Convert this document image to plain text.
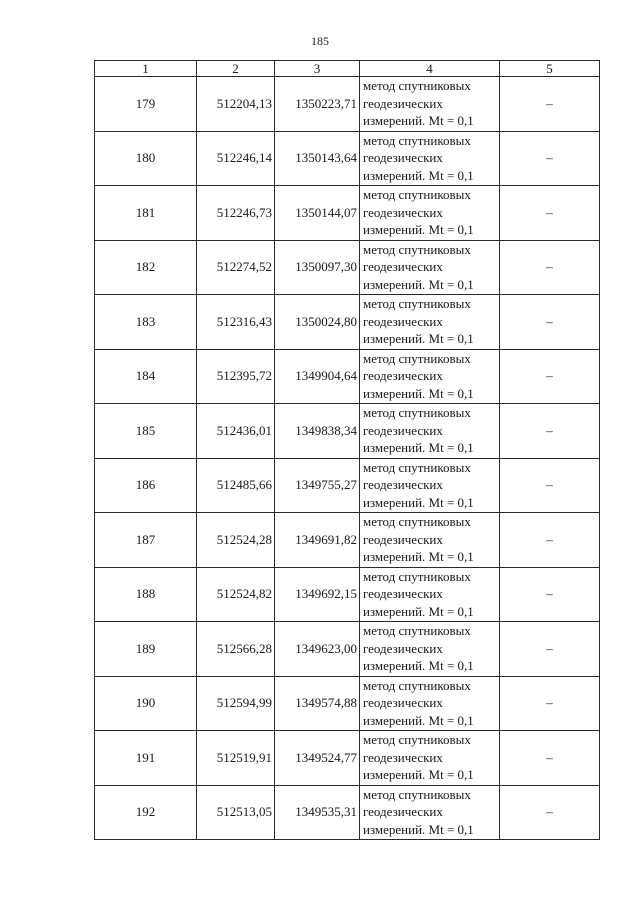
185
1	2	3	4	5
179	512204,13	1350223,71	метод спутниковых
геодезических
измерений. Mt = 0,1	–
180	512246,14	1350143,64	метод спутниковых
геодезических
измерений. Mt = 0,1	–
181	512246,73	1350144,07	метод спутниковых
геодезических
измерений. Mt = 0,1	–
182	512274,52	1350097,30	метод спутниковых
геодезических
измерений. Mt = 0,1	–
183	512316,43	1350024,80	метод спутниковых
геодезических
измерений. Mt = 0,1	–
184	512395,72	1349904,64	метод спутниковых
геодезических
измерений. Mt = 0,1	–
185	512436,01	1349838,34	метод спутниковых
геодезических
измерений. Mt = 0,1	–
186	512485,66	1349755,27	метод спутниковых
геодезических
измерений. Mt = 0,1	–
187	512524,28	1349691,82	метод спутниковых
геодезических
измерений. Mt = 0,1	–
188	512524,82	1349692,15	метод спутниковых
геодезических
измерений. Mt = 0,1	–
189	512566,28	1349623,00	метод спутниковых
геодезических
измерений. Mt = 0,1	–
190	512594,99	1349574,88	метод спутниковых
геодезических
измерений. Mt = 0,1	–
191	512519,91	1349524,77	метод спутниковых
геодезических
измерений. Mt = 0,1	–
192	512513,05	1349535,31	метод спутниковых
геодезических
измерений. Mt = 0,1	–
